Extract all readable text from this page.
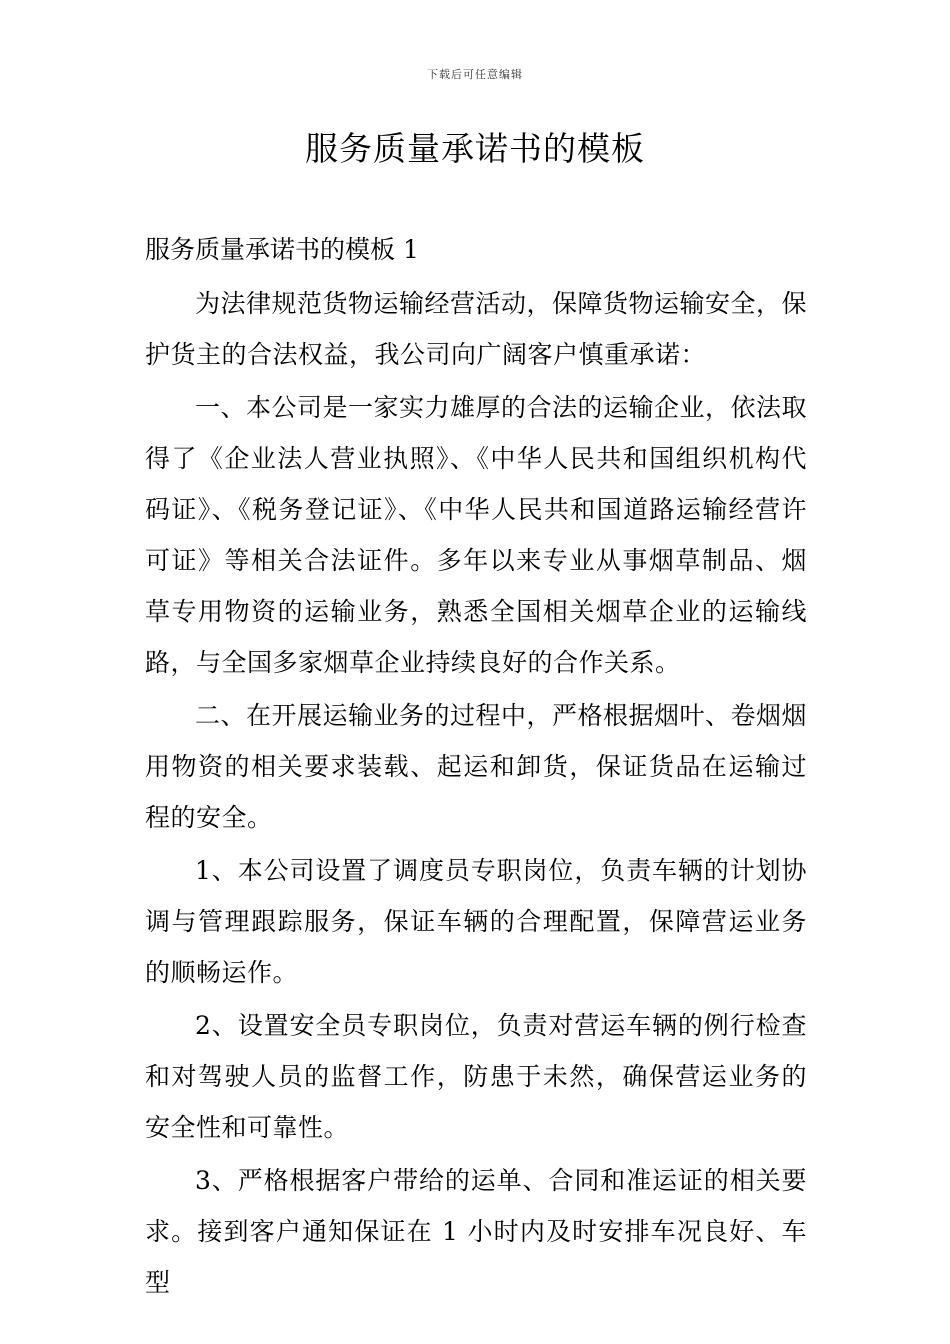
下载后可任意编辑
服务质量承诺书的模板
服务质量承诺书的模板 1

为法律规范货物运输经营活动，保障货物运输安全，保护货主的合法权益，我公司向广阔客户慎重承诺：

一、本公司是一家实力雄厚的合法的运输企业，依法取得了《企业法人营业执照》、《中华人民共和国组织机构代码证》、《税务登记证》、《中华人民共和国道路运输经营许可证》等相关合法证件。多年以来专业从事烟草制品、烟草专用物资的运输业务，熟悉全国相关烟草企业的运输线路，与全国多家烟草企业持续良好的合作关系。

二、在开展运输业务的过程中，严格根据烟叶、卷烟烟用物资的相关要求装载、起运和卸货，保证货品在运输过程的安全。

1、本公司设置了调度员专职岗位，负责车辆的计划协调与管理跟踪服务，保证车辆的合理配置，保障营运业务的顺畅运作。

2、设置安全员专职岗位，负责对营运车辆的例行检查和对驾驶人员的监督工作，防患于未然，确保营运业务的安全性和可靠性。

3、严格根据客户带给的运单、合同和准运证的相关要求。接到客户通知保证在 1 小时内及时安排车况良好、车型
